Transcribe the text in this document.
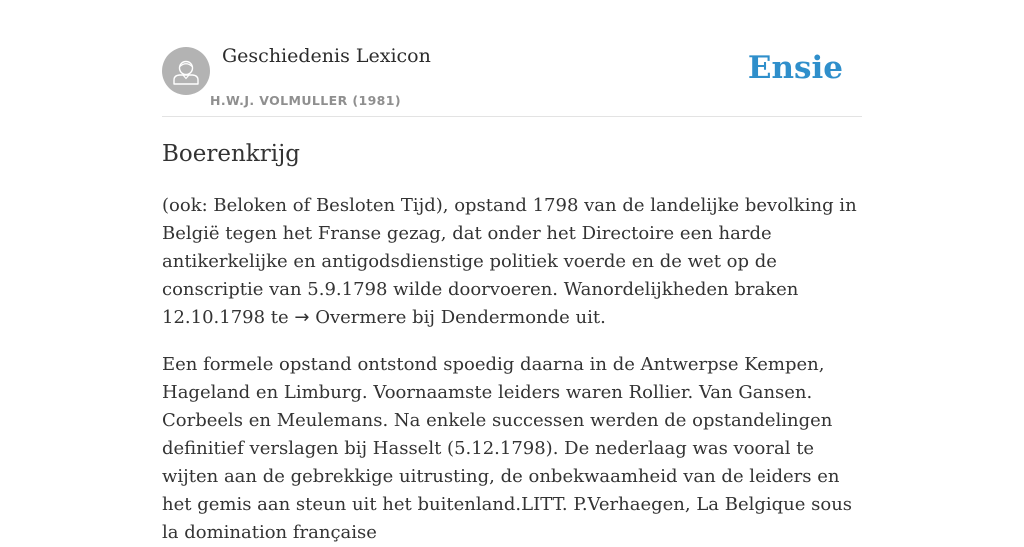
Geschiedenis Lexicon
H.W.J. VOLMULLER (1981)
Ensie
Boerenkrijg

(ook: Beloken of Besloten Tijd), opstand 1798 van de landelijke bevolking in België tegen het Franse gezag, dat onder het Directoire een harde antikerkelijke en antigodsdienstige politiek voerde en de wet op de conscriptie van 5.9.1798 wilde doorvoeren. Wanordelijkheden braken 12.10.1798 te → Overmere bij Dendermonde uit.

Een formele opstand ontstond spoedig daarna in de Antwerpse Kempen, Hageland en Limburg. Voornaamste leiders waren Rollier. Van Gansen. Corbeels en Meulemans. Na enkele successen werden de opstandelingen definitief verslagen bij Hasselt (5.12.1798). De nederlaag was vooral te wijten aan de gebrekkige uitrusting, de onbekwaamheid van de leiders en het gemis aan steun uit het buitenland.LITT. P.Verhaegen, La Belgique sous la domination française
